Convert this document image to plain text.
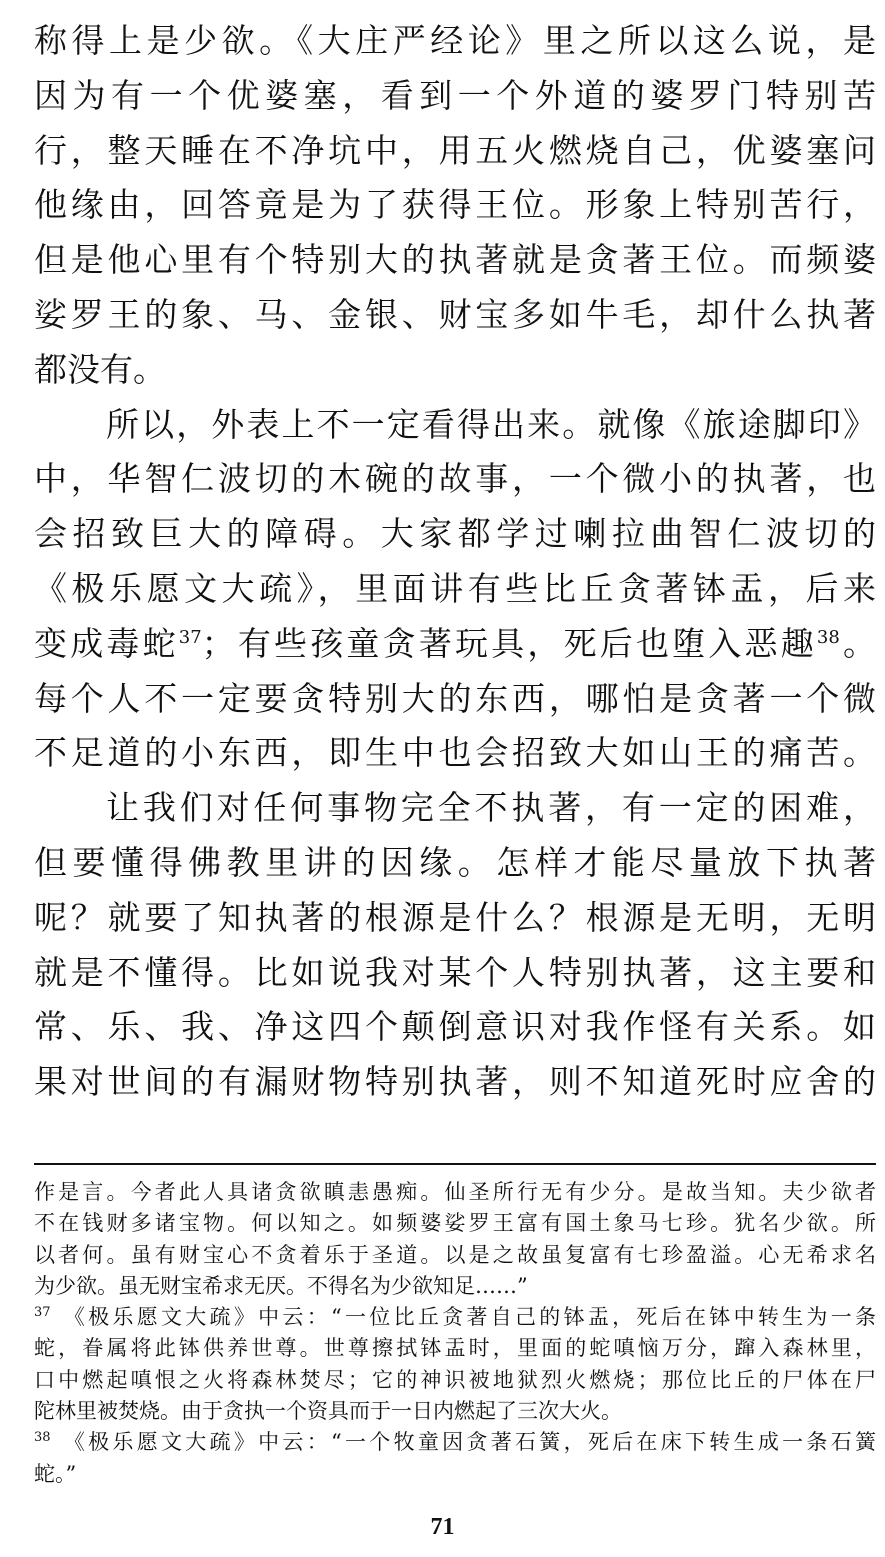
称得上是少欲。《大庄严经论》里之所以这么说，是
因为有一个优婆塞，看到一个外道的婆罗门特别苦
行，整天睡在不净坑中，用五火燃烧自己，优婆塞问
他缘由，回答竟是为了获得王位。形象上特别苦行，
但是他心里有个特别大的执著就是贪著王位。而频婆
娑罗王的象、马、金银、财宝多如牛毛，却什么执著
都没有。
所以，外表上不一定看得出来。就像《旅途脚印》
中，华智仁波切的木碗的故事，一个微小的执著，也
会招致巨大的障碍。大家都学过喇拉曲智仁波切的
《极乐愿文大疏》，里面讲有些比丘贪著钵盂，后来
变成毒蛇$^{37}$；有些孩童贪著玩具，死后也堕入恶趣$^{38}$。
每个人不一定要贪特别大的东西，哪怕是贪著一个微
不足道的小东西，即生中也会招致大如山王的痛苦。
让我们对任何事物完全不执著，有一定的困难，
但要懂得佛教里讲的因缘。怎样才能尽量放下执著
呢？就要了知执著的根源是什么？根源是无明，无明
就是不懂得。比如说我对某个人特别执著，这主要和
常、乐、我、净这四个颠倒意识对我作怪有关系。如
果对世间的有漏财物特别执著，则不知道死时应舍的
作是言。今者此人具诸贪欲瞋恚愚痴。仙圣所行无有少分。是故当知。夫少欲者
不在钱财多诸宝物。何以知之。如频婆娑罗王富有国土象马七珍。犹名少欲。所
以者何。虽有财宝心不贪着乐于圣道。以是之故虽复富有七珍盈溢。心无希求名
为少欲。虽无财宝希求无厌。不得名为少欲知足……”
$^{37}$ 《极乐愿文大疏》中云：“一位比丘贪著自己的钵盂，死后在钵中转生为一条
蛇，眷属将此钵供养世尊。世尊擦拭钵盂时，里面的蛇嗔恼万分，蹿入森林里，
口中燃起嗔恨之火将森林焚尽；它的神识被地狱烈火燃烧；那位比丘的尸体在尸
陀林里被焚烧。由于贪执一个资具而于一日内燃起了三次大火。
$^{38}$ 《极乐愿文大疏》中云：“一个牧童因贪著石簧，死后在床下转生成一条石簧
蛇。”
71
